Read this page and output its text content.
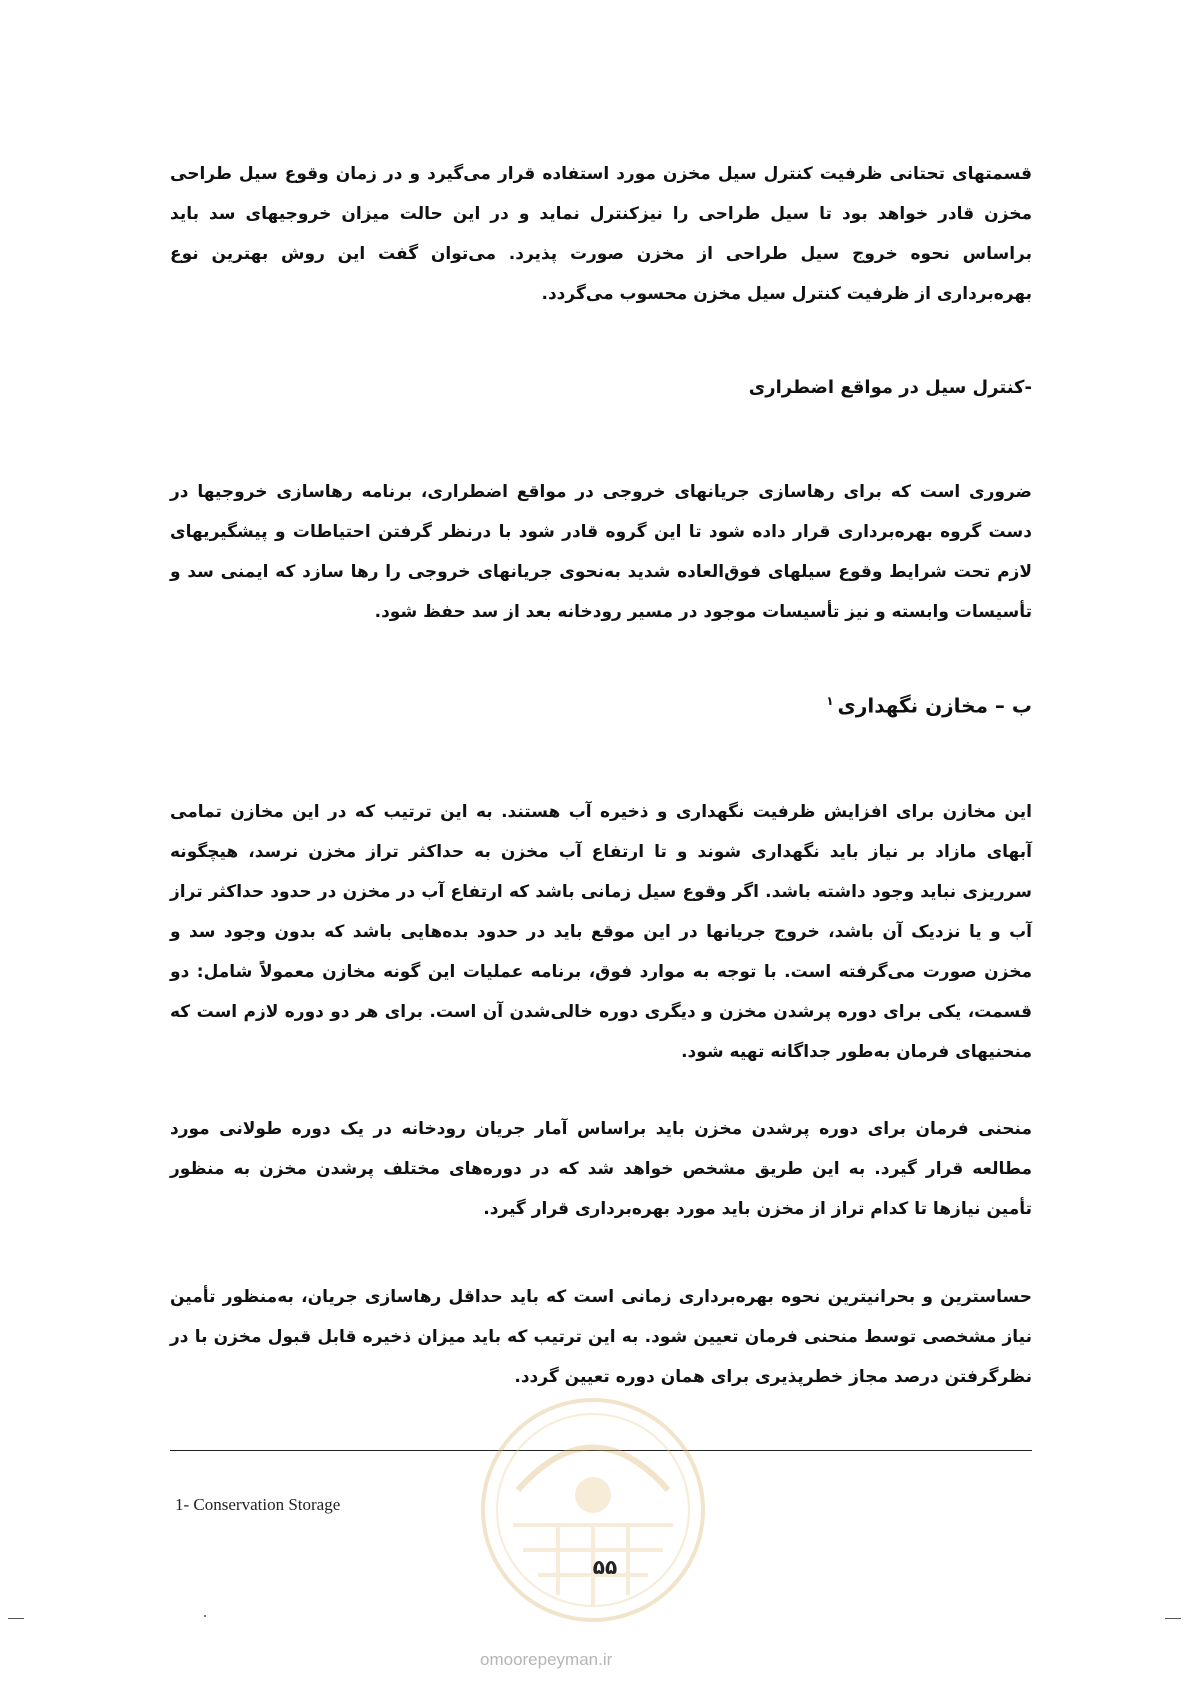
قسمتهای تحتانی ظرفیت کنترل سیل مخزن مورد استفاده قرار می‌گیرد و در زمان وقوع سیل طراحی مخزن قادر خواهد بود تا سیل طراحی را نیزکنترل نماید و در این حالت میزان خروجیهای سد باید براساس نحوه خروج سیل طراحی از مخزن صورت پذیرد. می‌توان گفت این روش بهترین نوع بهره‌برداری از ظرفیت کنترل سیل مخزن محسوب می‌گردد.

-کنترل سیل در مواقع اضطراری

ضروری است که برای رهاسازی جریانهای خروجی در مواقع اضطراری، برنامه رهاسازی خروجیها در دست گروه بهره‌برداری قرار داده شود تا این گروه قادر شود با درنظر گرفتن احتیاطات و پیشگیریهای لازم تحت شرایط وقوع سیلهای فوق‌العاده شدید به‌نحوی جریانهای خروجی را رها سازد که ایمنی سد و تأسیسات وابسته و نیز تأسیسات موجود در مسیر رودخانه بعد از سد حفظ شود.

ب – مخازن نگهداری$^۱$

این مخازن برای افزایش ظرفیت نگهداری و ذخیره آب هستند. به این ترتیب که در این مخازن تمامی آبهای مازاد بر نیاز باید نگهداری شوند و تا ارتفاع آب مخزن به حداکثر تراز مخزن نرسد، هیچگونه سرریزی نباید وجود داشته باشد. اگر وقوع سیل زمانی باشد که ارتفاع آب در مخزن در حدود حداکثر تراز آب و یا نزدیک آن باشد، خروج جریانها در این موقع باید در حدود بده‌هایی باشد که بدون وجود سد و مخزن صورت می‌گرفته است. با توجه به موارد فوق، برنامه عملیات این گونه مخازن معمولاً شامل: دو قسمت، یکی برای دوره پرشدن مخزن و دیگری دوره خالی‌شدن آن است. برای هر دو دوره لازم است که منحنیهای فرمان به‌طور جداگانه تهیه شود.

منحنی فرمان برای دوره پرشدن مخزن باید براساس آمار جریان رودخانه در یک دوره طولانی مورد مطالعه قرار گیرد. به این طریق مشخص خواهد شد که در دوره‌های مختلف پرشدن مخزن به منظور تأمین نیازها تا کدام تراز از مخزن باید مورد بهره‌برداری قرار گیرد.

حساسترین و بحرانیترین نحوه بهره‌برداری زمانی است که باید حداقل رهاسازی جریان، به‌منظور تأمین نیاز مشخصی توسط منحنی فرمان تعیین شود. به این ترتیب که باید میزان ذخیره قابل قبول مخزن با در نظرگرفتن درصد مجاز خطرپذیری برای همان دوره تعیین گردد.

1- Conservation Storage
۵۵
omoorepeyman.ir
